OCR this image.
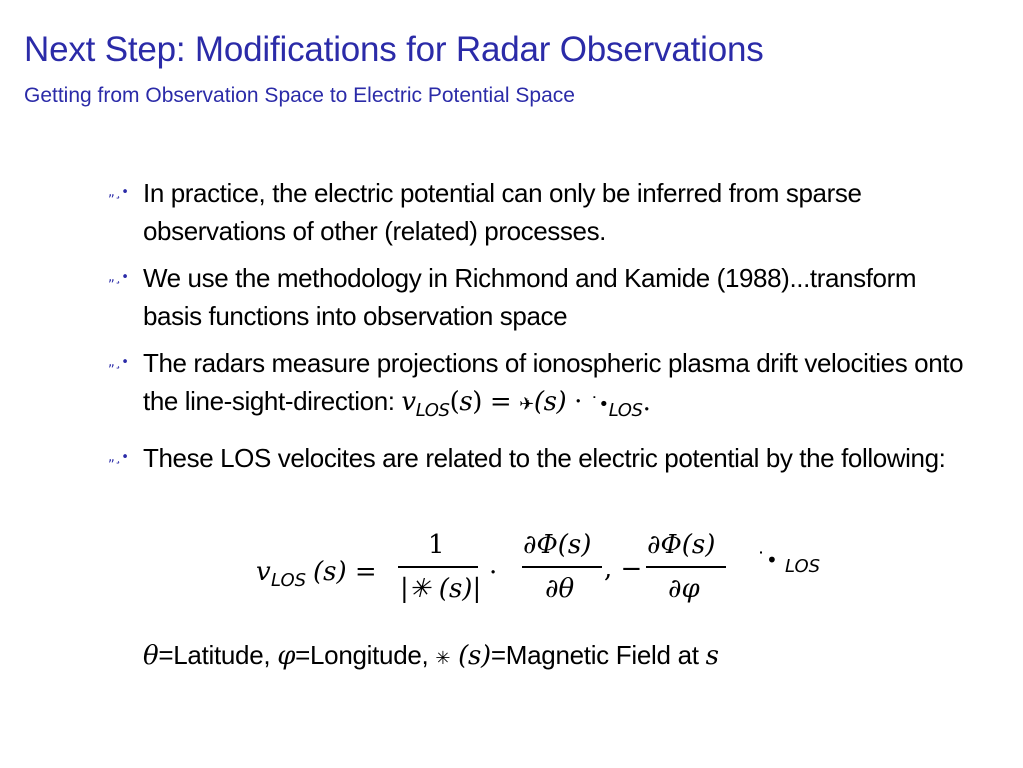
Next Step: Modifications for Radar Observations

Getting from Observation Space to Electric Potential Space

„¸• In practice, the electric potential can only be inferred from sparse observations of other (related) processes.
„¸• We use the methodology in Richmond and Kamide (1988)...transform basis functions into observation space
„¸• The radars measure projections of ionospheric plasma drift velocities onto the line-sight-direction: $v_{LOS}(s)$ = ✈(s) · $˙•_{LOS}$.
„¸• These LOS velocites are related to the electric potential by the following:
v LOS (s) =
1
|✳ (s)|
·
∂Φ(s)
∂θ
, −
∂Φ(s)
∂φ
˙• LOS
θ=Latitude, φ=Longitude, ✳ (s)=Magnetic Field at s
